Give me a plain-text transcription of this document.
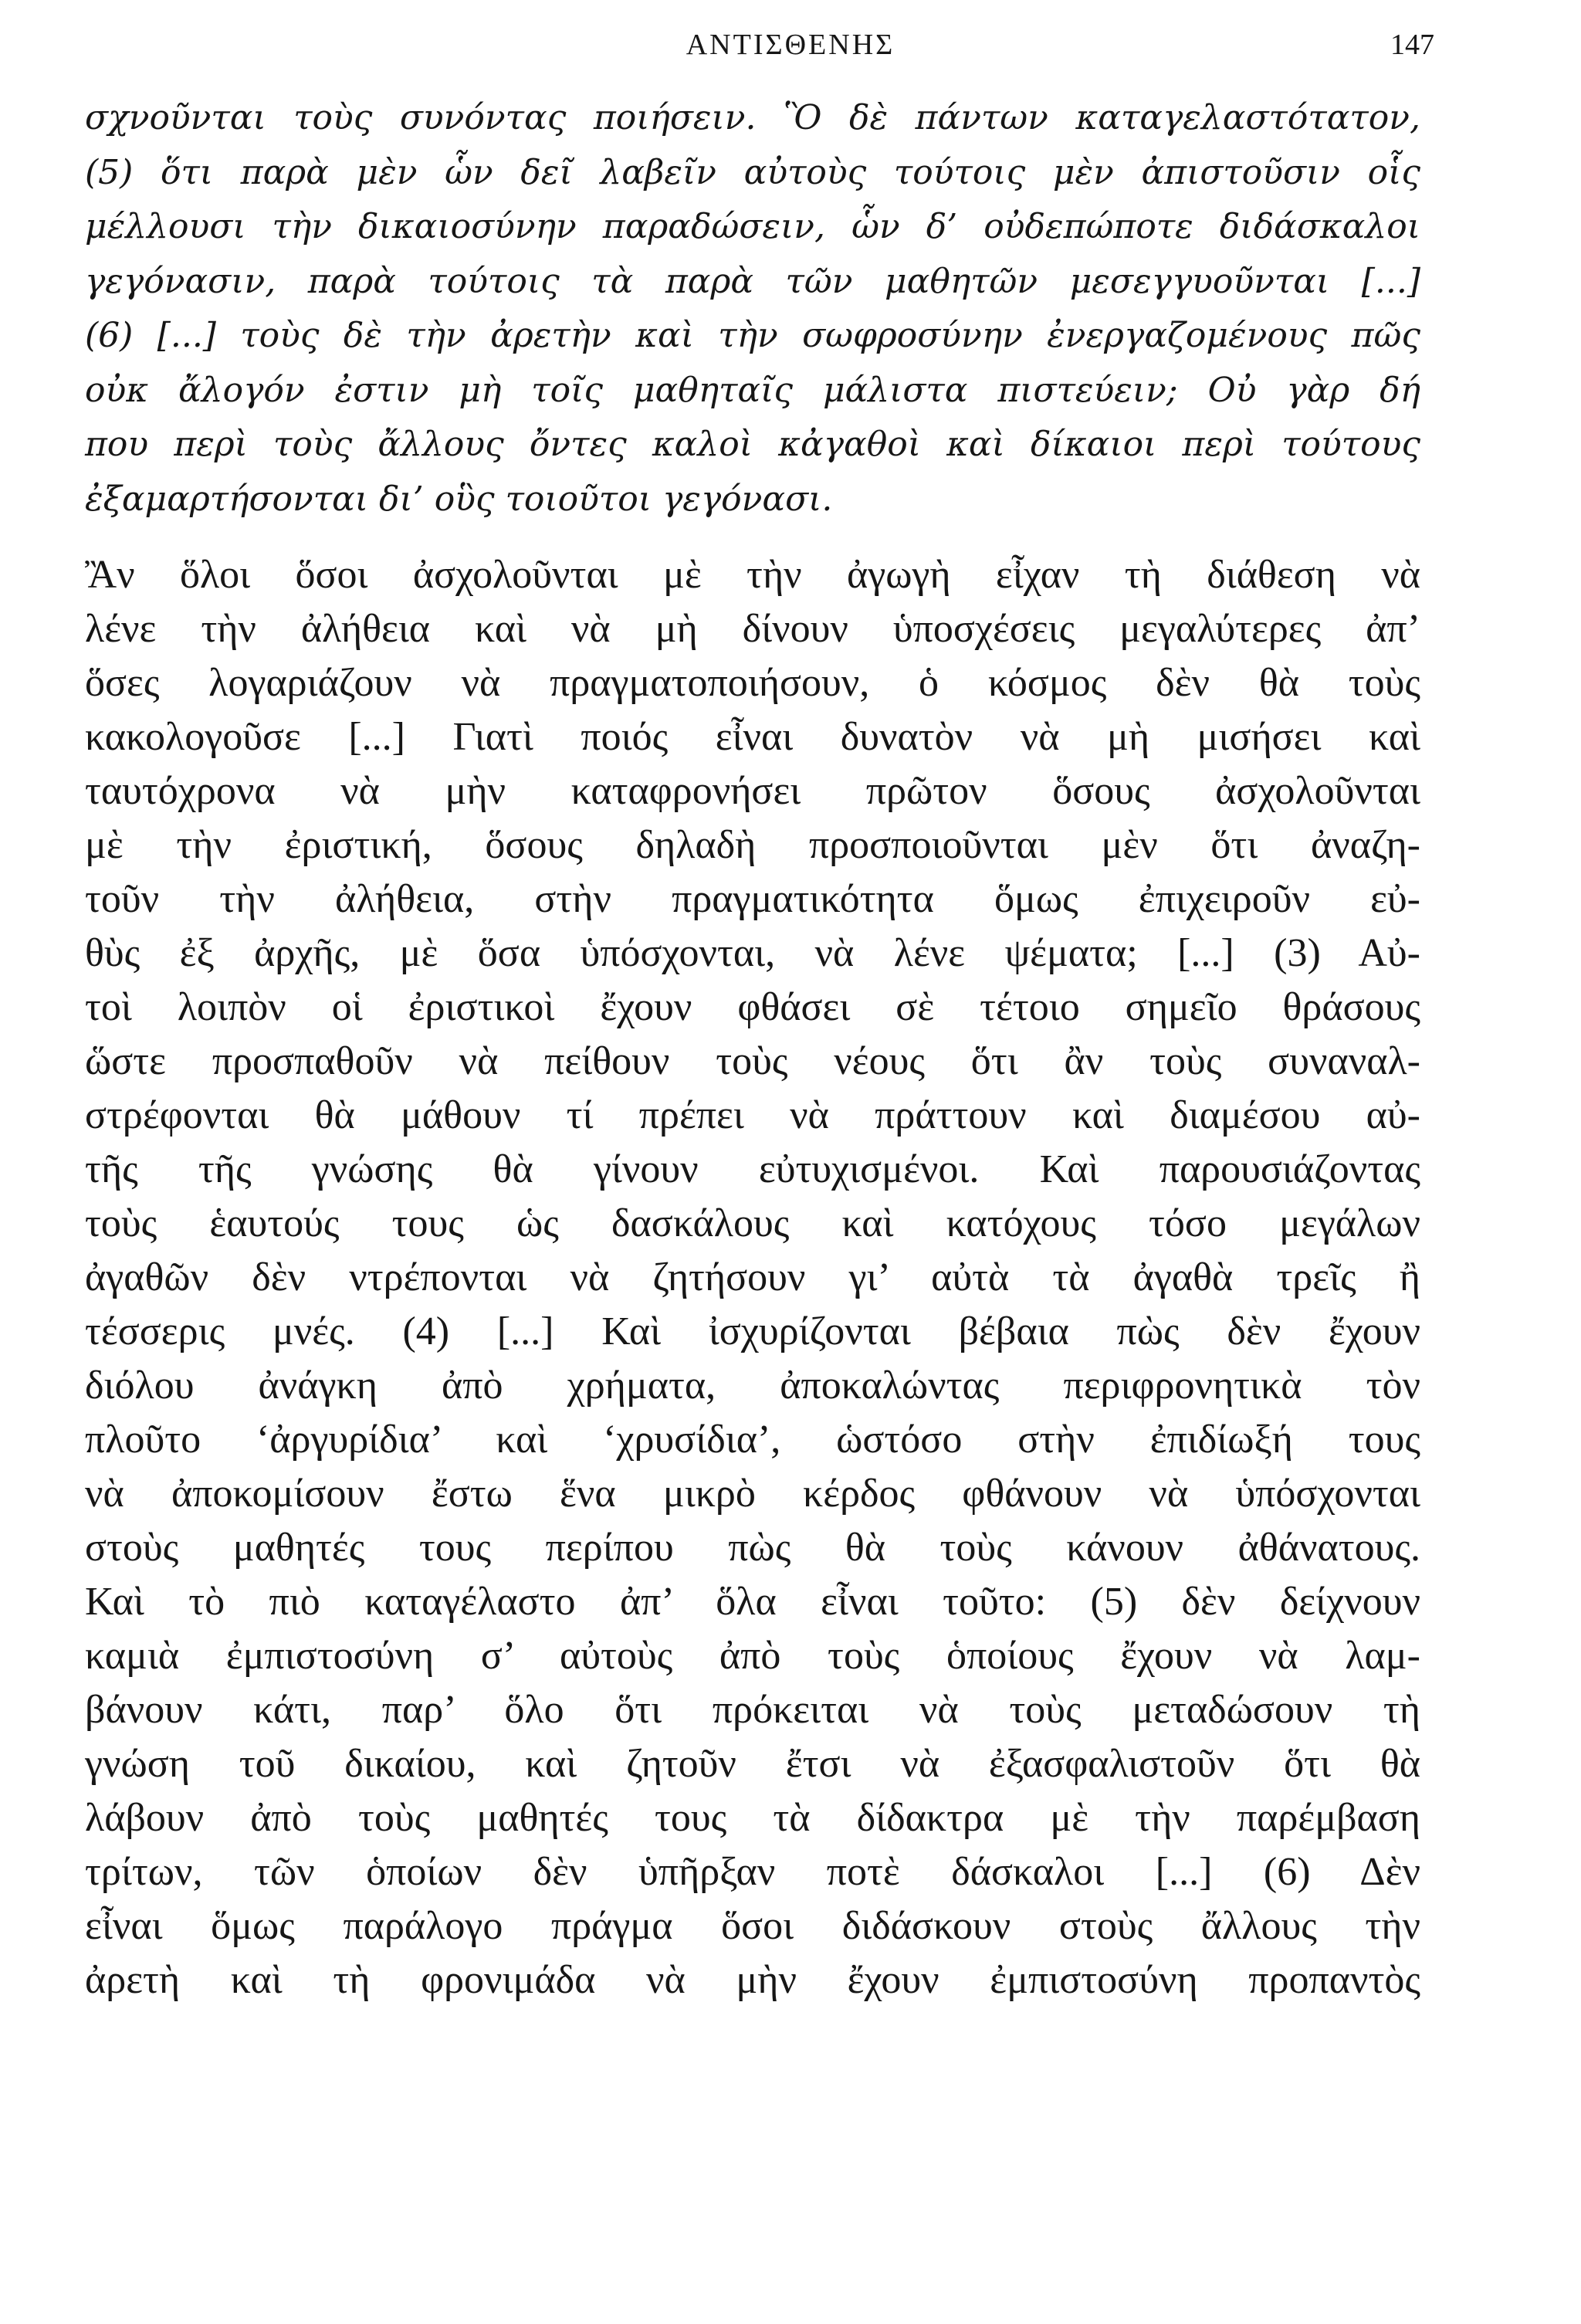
ΑΝΤΙΣΘΕΝΗΣ	147
σχνοῦνται τοὺς συνόντας ποιήσειν. Ὃ δὲ πάντων καταγελαστότατον,
(5) ὅτι παρὰ μὲν ὧν δεῖ λαβεῖν αὐτοὺς τούτοις μὲν ἀπιστοῦσιν οἷς
μέλλουσι τὴν δικαιοσύνην παραδώσειν, ὧν δ’ οὐδεπώποτε διδάσκαλοι
γεγόνασιν, παρὰ τούτοις τὰ παρὰ τῶν μαθητῶν μεσεγγυοῦνται [...]
(6) [...] τοὺς δὲ τὴν ἀρετὴν καὶ τὴν σωφροσύνην ἐνεργαζομένους πῶς
οὐκ ἄλογόν ἐστιν μὴ τοῖς μαθηταῖς μάλιστα πιστεύειν; Οὐ γὰρ δή
που περὶ τοὺς ἄλλους ὄντες καλοὶ κἀγαθοὶ καὶ δίκαιοι περὶ τούτους
ἐξαμαρτήσονται δι’ οὓς τοιοῦτοι γεγόνασι.
Ἂν ὅλοι ὅσοι ἀσχολοῦνται μὲ τὴν ἀγωγὴ εἶχαν τὴ διάθεση νὰ
λένε τὴν ἀλήθεια καὶ νὰ μὴ δίνουν ὑποσχέσεις μεγαλύτερες ἀπ’
ὅσες λογαριάζουν νὰ πραγματοποιήσουν, ὁ κόσμος δὲν θὰ τοὺς
κακολογοῦσε [...] Γιατὶ ποιός εἶναι δυνατὸν νὰ μὴ μισήσει καὶ
ταυτόχρονα νὰ μὴν καταφρονήσει πρῶτον ὅσους ἀσχολοῦνται
μὲ τὴν ἐριστική, ὅσους δηλαδὴ προσποιοῦνται μὲν ὅτι ἀναζη-
τοῦν τὴν ἀλήθεια, στὴν πραγματικότητα ὅμως ἐπιχειροῦν εὐ-
θὺς ἐξ ἀρχῆς, μὲ ὅσα ὑπόσχονται, νὰ λένε ψέματα; [...] (3) Αὐ-
τοὶ λοιπὸν οἱ ἐριστικοὶ ἔχουν φθάσει σὲ τέτοιο σημεῖο θράσους
ὥστε προσπαθοῦν νὰ πείθουν τοὺς νέους ὅτι ἂν τοὺς συναναλ-
στρέφονται θὰ μάθουν τί πρέπει νὰ πράττουν καὶ διαμέσου αὐ-
τῆς τῆς γνώσης θὰ γίνουν εὐτυχισμένοι. Καὶ παρουσιάζοντας
τοὺς ἑαυτούς τους ὡς δασκάλους καὶ κατόχους τόσο μεγάλων
ἀγαθῶν δὲν ντρέπονται νὰ ζητήσουν γι’ αὐτὰ τὰ ἀγαθὰ τρεῖς ἢ
τέσσερις μνές. (4) [...] Καὶ ἰσχυρίζονται βέβαια πὼς δὲν ἔχουν
διόλου ἀνάγκη ἀπὸ χρήματα, ἀποκαλώντας περιφρονητικὰ τὸν
πλοῦτο ‘ἀργυρίδια’ καὶ ‘χρυσίδια’, ὡστόσο στὴν ἐπιδίωξή τους
νὰ ἀποκομίσουν ἔστω ἕνα μικρὸ κέρδος φθάνουν νὰ ὑπόσχονται
στοὺς μαθητές τους περίπου πὼς θὰ τοὺς κάνουν ἀθάνατους.
Καὶ τὸ πιὸ καταγέλαστο ἀπ’ ὅλα εἶναι τοῦτο: (5) δὲν δείχνουν
καμιὰ ἐμπιστοσύνη σ’ αὐτοὺς ἀπὸ τοὺς ὁποίους ἔχουν νὰ λαμ-
βάνουν κάτι, παρ’ ὅλο ὅτι πρόκειται νὰ τοὺς μεταδώσουν τὴ
γνώση τοῦ δικαίου, καὶ ζητοῦν ἔτσι νὰ ἐξασφαλιστοῦν ὅτι θὰ
λάβουν ἀπὸ τοὺς μαθητές τους τὰ δίδακτρα μὲ τὴν παρέμβαση
τρίτων, τῶν ὁποίων δὲν ὑπῆρξαν ποτὲ δάσκαλοι [...] (6) Δὲν
εἶναι ὅμως παράλογο πράγμα ὅσοι διδάσκουν στοὺς ἄλλους τὴν
ἀρετὴ καὶ τὴ φρονιμάδα νὰ μὴν ἔχουν ἐμπιστοσύνη προπαντὸς
